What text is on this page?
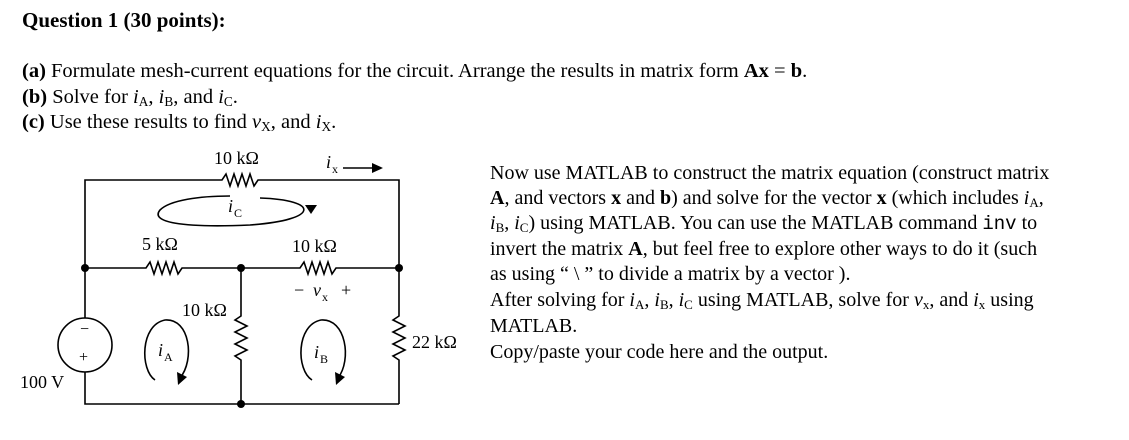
Question 1 (30 points):
(a) Formulate mesh-current equations for the circuit. Arrange the results in matrix form Ax = b.
(b) Solve for $i_A$, $i_B$, and $i_C$.
(c) Use these results to find $v_X$, and $i_X$.
10 kΩ
5 kΩ	10 kΩ
10 kΩ
22 kΩ
100 V
−
+
i x
i C
i A	i B
− v x +
Now use MATLAB to construct the matrix equation (construct matrix
A, and vectors x and b) and solve for the vector x (which includes $i_A$,
$i_B$, $i_C$) using MATLAB. You can use the MATLAB command inv to
invert the matrix A, but feel free to explore other ways to do it (such
as using “ \ ” to divide a matrix by a vector ).
After solving for $i_A$, $i_B$, $i_C$ using MATLAB, solve for $v_x$, and $i_x$ using
MATLAB.
Copy/paste your code here and the output.
